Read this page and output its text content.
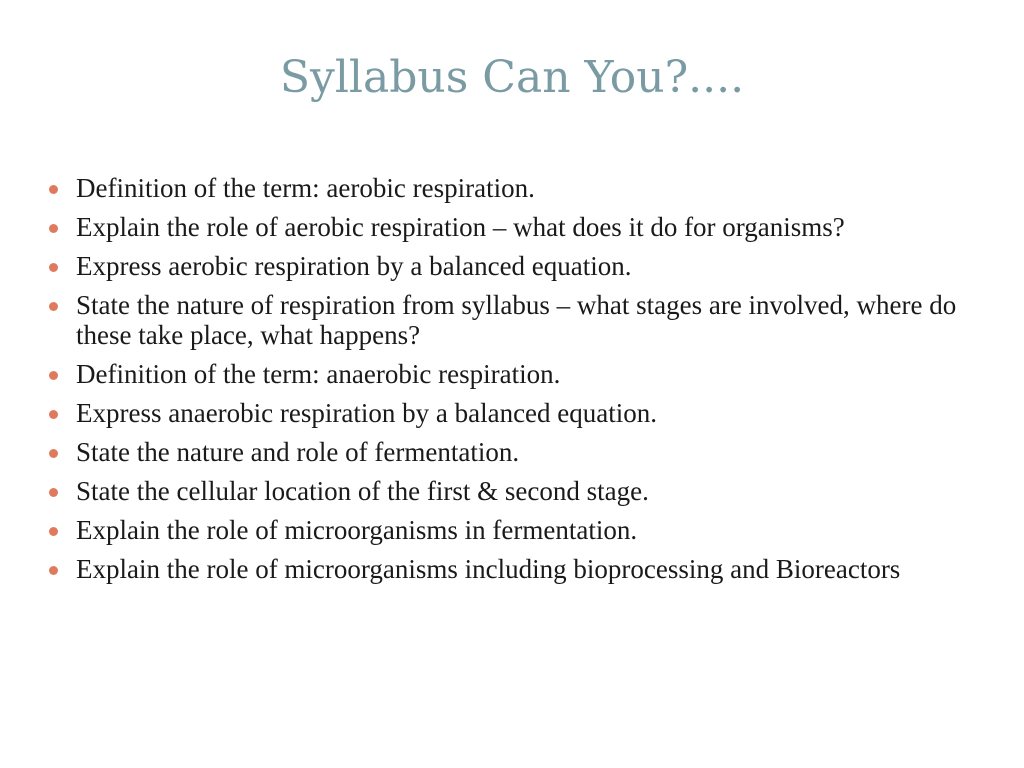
Syllabus Can You?....
Definition of the term: aerobic respiration.
Explain the role of aerobic respiration – what does it do for organisms?
Express aerobic respiration by a balanced equation.
State the nature of respiration from syllabus – what stages are involved, where do these take place, what happens?
Definition of the term: anaerobic respiration.
Express anaerobic respiration by a balanced equation.
State the nature and role of fermentation.
State the cellular location of the first & second stage.
Explain the role of microorganisms in fermentation.
Explain the role of microorganisms including bioprocessing and Bioreactors
